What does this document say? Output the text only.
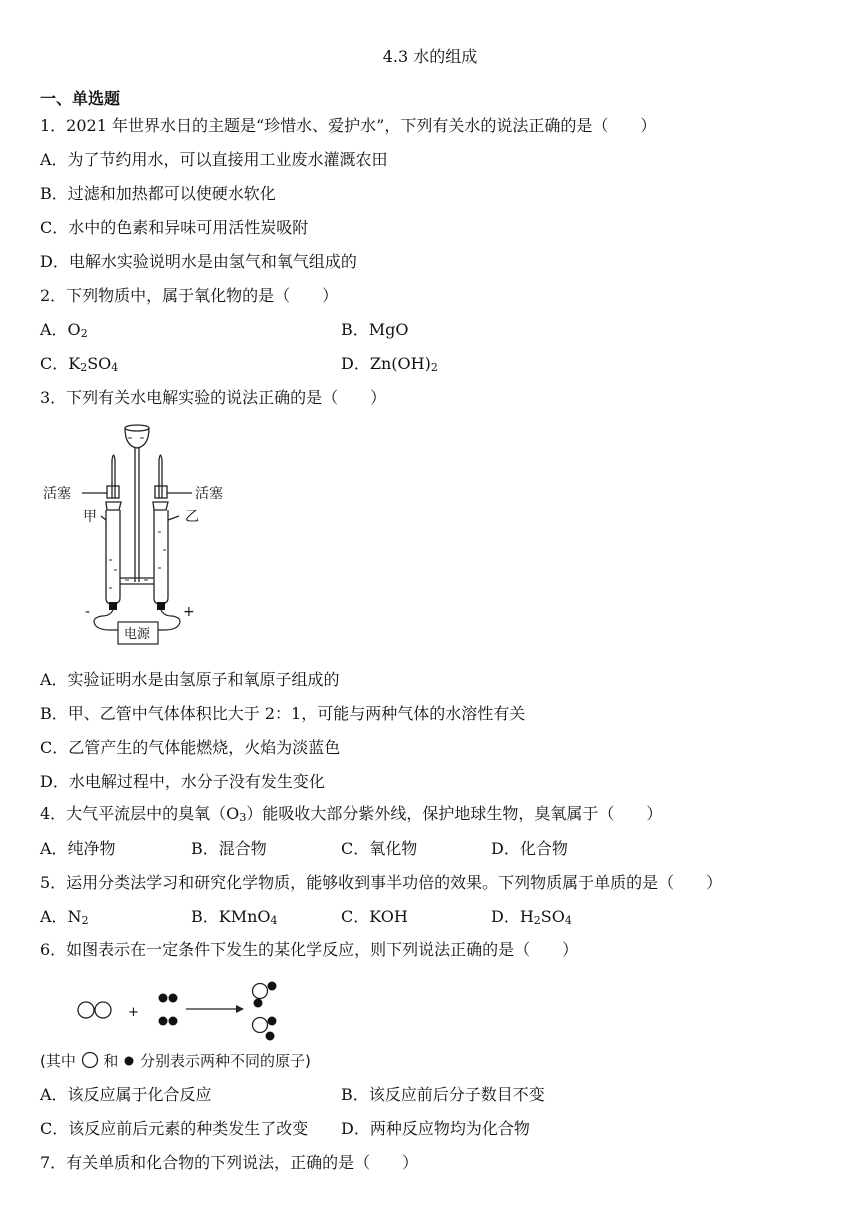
4.3 水的组成
一、单选题
1．2021 年世界水日的主题是“珍惜水、爱护水”，下列有关水的说法正确的是（　　）
A．为了节约用水，可以直接用工业废水灌溉农田
B．过滤和加热都可以使硬水软化
C．水中的色素和异味可用活性炭吸附
D．电解水实验说明水是由氢气和氧气组成的
2．下列物质中，属于氧化物的是（　　）
A．$O_2$	B．MgO
C．$K_2SO_4$	D．$Zn(OH)_2$
3．下列有关水电解实验的说法正确的是（　　）
活塞	活塞
甲	乙
-	+
电源
A．实验证明水是由氢原子和氧原子组成的
B．甲、乙管中气体体积比大于 2：1，可能与两种气体的水溶性有关
C．乙管产生的气体能燃烧，火焰为淡蓝色
D．水电解过程中，水分子没有发生变化
4．大气平流层中的臭氧$(O_3)$能吸收大部分紫外线，保护地球生物，臭氧属于（　　）
A．纯净物	B．混合物	C．氧化物	D．化合物
5．运用分类法学习和研究化学物质，能够收到事半功倍的效果。下列物质属于单质的是（　　）
A．$N_2$	B．KMnO$_4$	C．KOH	D．$H_2SO_4$
6．如图表示在一定条件下发生的某化学反应，则下列说法正确的是（　　）
+
(其中 和 分别表示两种不同的原子)
A．该反应属于化合反应	B．该反应前后分子数目不变
C．该反应前后元素的种类发生了改变 D．两种反应物均为化合物
7．有关单质和化合物的下列说法，正确的是（　　）
